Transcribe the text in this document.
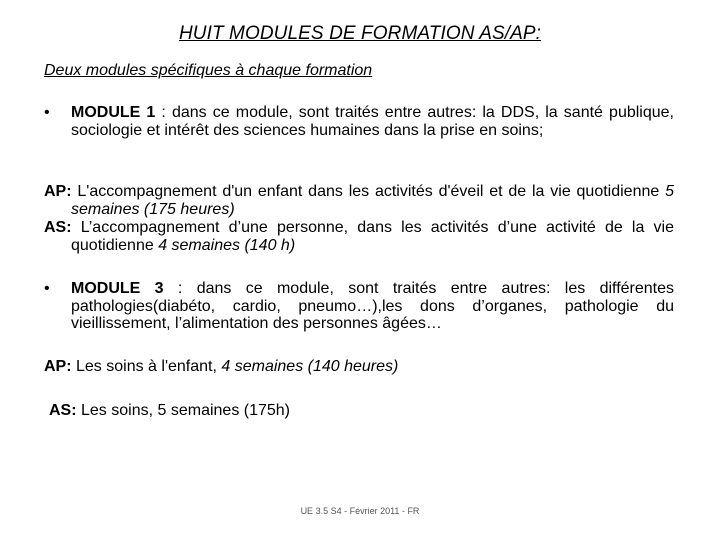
HUIT MODULES DE FORMATION AS/AP:
Deux modules spécifiques à chaque formation
•	MODULE 1 : dans ce module, sont traités entre autres: la DDS, la santé publique, sociologie et intérêt des sciences humaines dans la prise en soins;
AP: L'accompagnement d'un enfant dans les activités d'éveil et de la vie quotidienne 5 semaines (175 heures)
AS: L’accompagnement d’une personne, dans les activités d’une activité de la vie quotidienne 4 semaines (140 h)
•	MODULE 3 : dans ce module, sont traités entre autres: les différentes pathologies(diabéto, cardio, pneumo…),les dons d’organes, pathologie du vieillissement, l’alimentation des personnes âgées…
AP: Les soins à l'enfant, 4 semaines (140 heures)
AS: Les soins, 5 semaines (175h)
UE 3.5 S4 - Février 2011 - FR
